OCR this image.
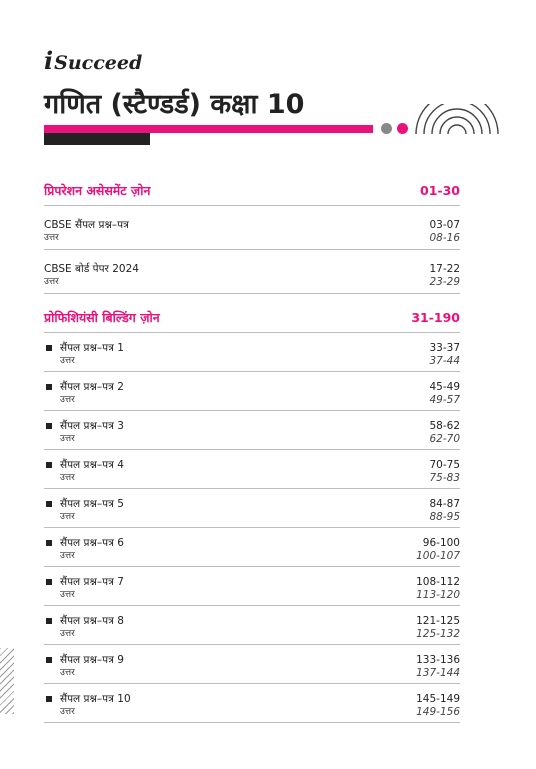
iSucceed
गणित (स्टैण्डर्ड) कक्षा 10
प्रिपरेशन असेसमेंट ज़ोन	01-30
CBSE सैंपल प्रश्न–पत्र
उत्तर
03-07
08-16
CBSE बोर्ड पेपर 2024
उत्तर
17-22
23-29
प्रोफिशियंसी बिल्डिंग ज़ोन	31-190
सैंपल प्रश्न–पत्र 1
उत्तर
33-37
37-44
सैंपल प्रश्न–पत्र 2
उत्तर
45-49
49-57
सैंपल प्रश्न–पत्र 3
उत्तर
58-62
62-70
सैंपल प्रश्न–पत्र 4
उत्तर
70-75
75-83
सैंपल प्रश्न–पत्र 5
उत्तर
84-87
88-95
सैंपल प्रश्न–पत्र 6
उत्तर
96-100
100-107
सैंपल प्रश्न–पत्र 7
उत्तर
108-112
113-120
सैंपल प्रश्न–पत्र 8
उत्तर
121-125
125-132
सैंपल प्रश्न–पत्र 9
उत्तर
133-136
137-144
सैंपल प्रश्न–पत्र 10
उत्तर
145-149
149-156
